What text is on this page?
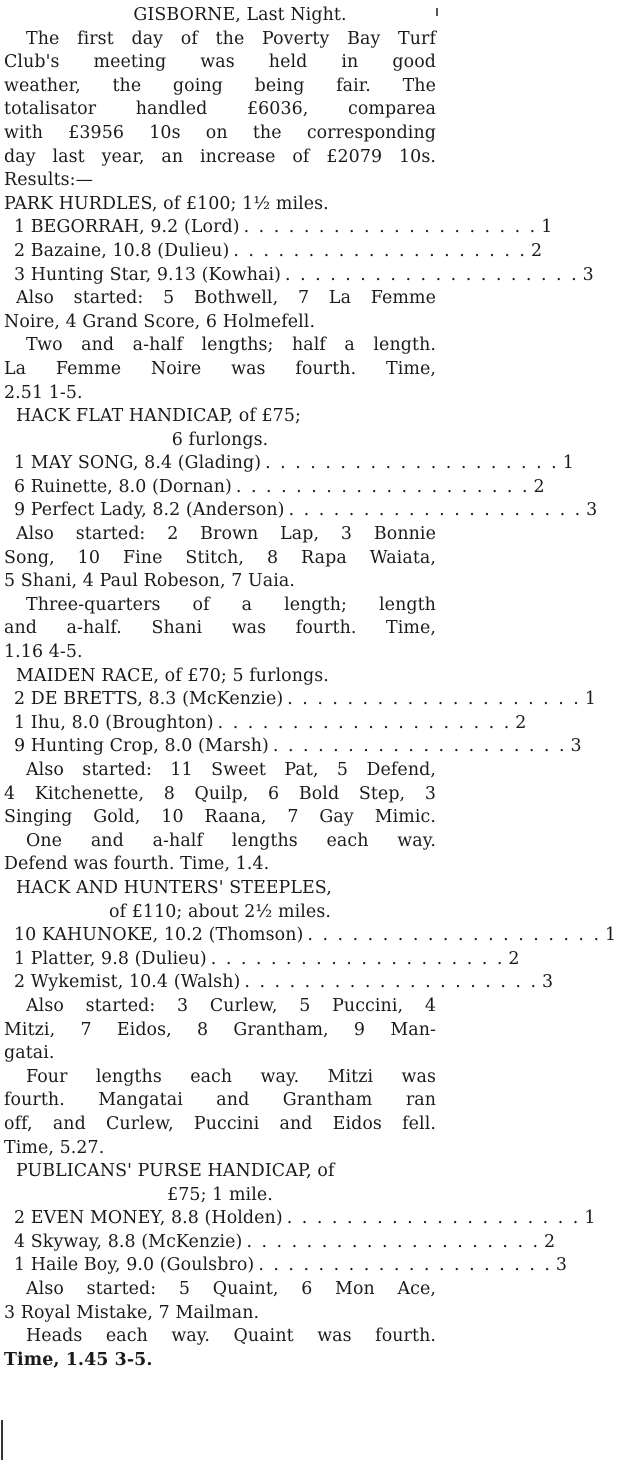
GISBORNE, Last Night.

The first day of the Poverty Bay Turf

Club's meeting was held in good

weather, the going being fair. The

totalisator handled £6036, comparea

with £3956 10s on the corresponding

day last year, an increase of £2079 10s.

Results:—

PARK HURDLES, of £100; 1½ miles.

1 BEGORRAH, 9.2 (Lord) . . . . . . . . . . . . . . . . . . . . 1
2 Bazaine, 10.8 (Dulieu) . . . . . . . . . . . . . . . . . . . . 2
3 Hunting Star, 9.13 (Kowhai) . . . . . . . . . . . . . . . . . . . . 3

Also started: 5 Bothwell, 7 La Femme

Noire, 4 Grand Score, 6 Holmefell.

Two and a-half lengths; half a length.

La Femme Noire was fourth. Time,

2.51 1-5.

HACK FLAT HANDICAP, of £75;

6 furlongs.

1 MAY SONG, 8.4 (Glading) . . . . . . . . . . . . . . . . . . . . 1
6 Ruinette, 8.0 (Dornan) . . . . . . . . . . . . . . . . . . . . 2
9 Perfect Lady, 8.2 (Anderson) . . . . . . . . . . . . . . . . . . . . 3

Also started: 2 Brown Lap, 3 Bonnie

Song, 10 Fine Stitch, 8 Rapa Waiata,

5 Shani, 4 Paul Robeson, 7 Uaia.

Three-quarters of a length; length

and a-half. Shani was fourth. Time,

1.16 4-5.

MAIDEN RACE, of £70; 5 furlongs.

2 DE BRETTS, 8.3 (McKenzie) . . . . . . . . . . . . . . . . . . . . 1
1 Ihu, 8.0 (Broughton) . . . . . . . . . . . . . . . . . . . . 2
9 Hunting Crop, 8.0 (Marsh) . . . . . . . . . . . . . . . . . . . . 3

Also started: 11 Sweet Pat, 5 Defend,

4 Kitchenette, 8 Quilp, 6 Bold Step, 3

Singing Gold, 10 Raana, 7 Gay Mimic.

One and a-half lengths each way.

Defend was fourth. Time, 1.4.

HACK AND HUNTERS' STEEPLES,

of £110; about 2½ miles.

10 KAHUNOKE, 10.2 (Thomson) . . . . . . . . . . . . . . . . . . . . 1
1 Platter, 9.8 (Dulieu) . . . . . . . . . . . . . . . . . . . . 2
2 Wykemist, 10.4 (Walsh) . . . . . . . . . . . . . . . . . . . . 3

Also started: 3 Curlew, 5 Puccini, 4

Mitzi, 7 Eidos, 8 Grantham, 9 Man-

gatai.

Four lengths each way. Mitzi was

fourth. Mangatai and Grantham ran

off, and Curlew, Puccini and Eidos fell.

Time, 5.27.

PUBLICANS' PURSE HANDICAP, of

£75; 1 mile.

2 EVEN MONEY, 8.8 (Holden) . . . . . . . . . . . . . . . . . . . . 1
4 Skyway, 8.8 (McKenzie) . . . . . . . . . . . . . . . . . . . . 2
1 Haile Boy, 9.0 (Goulsbro) . . . . . . . . . . . . . . . . . . . . 3

Also started: 5 Quaint, 6 Mon Ace,

3 Royal Mistake, 7 Mailman.

Heads each way. Quaint was fourth.

Time, 1.45 3-5.
